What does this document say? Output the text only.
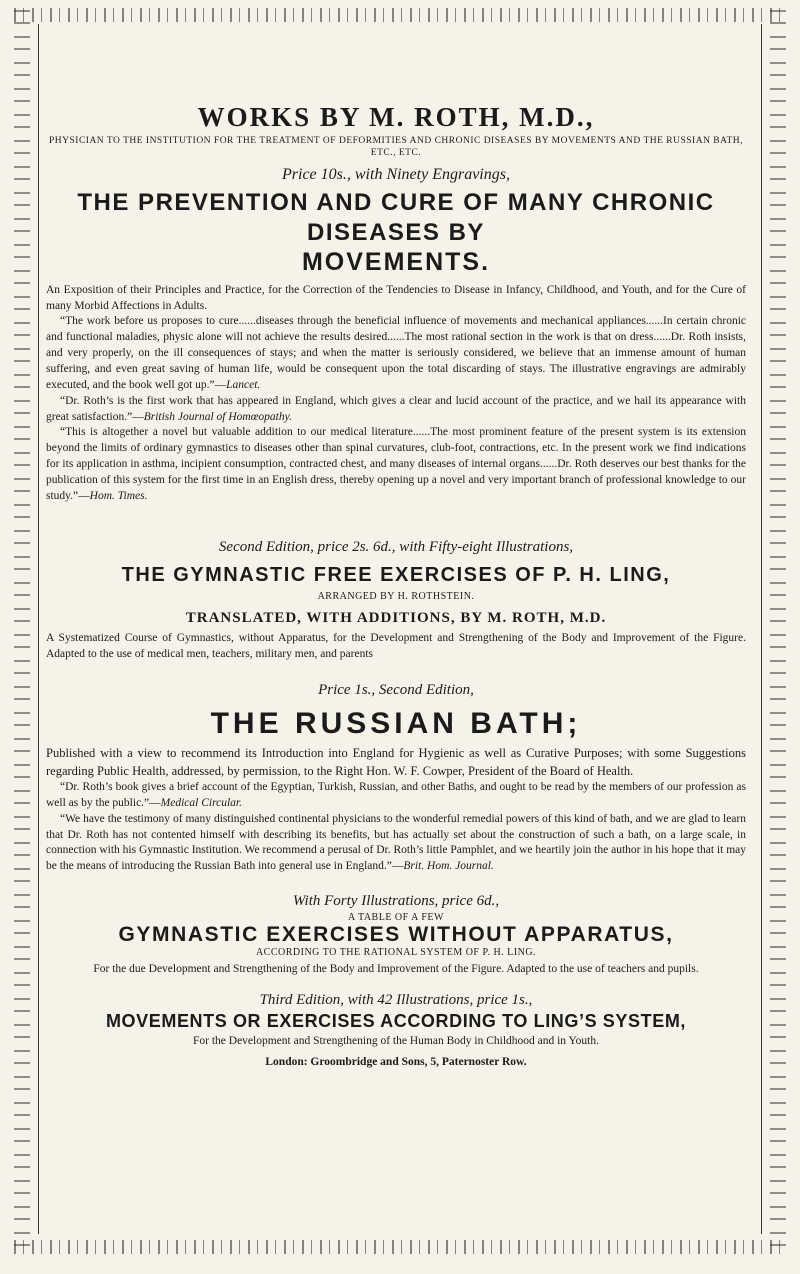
WORKS BY M. ROTH, M.D.,
PHYSICIAN TO THE INSTITUTION FOR THE TREATMENT OF DEFORMITIES AND CHRONIC DISEASES BY MOVEMENTS AND THE RUSSIAN BATH, ETC., ETC.
Price 10s., with Ninety Engravings,
THE PREVENTION AND CURE OF MANY CHRONIC DISEASES BY
MOVEMENTS.

An Exposition of their Principles and Practice, for the Correction of the Tendencies to Disease in Infancy, Childhood, and Youth, and for the Cure of many Morbid Affections in Adults.

“The work before us proposes to cure......diseases through the beneficial influence of movements and mechanical appliances......In certain chronic and functional maladies, physic alone will not achieve the results desired......The most rational section in the work is that on dress......Dr. Roth insists, and very properly, on the ill consequences of stays; and when the matter is seriously considered, we believe that an immense amount of human suffering, and even great saving of human life, would be consequent upon the total discarding of stays. The illustrative engravings are admirably executed, and the book well got up.”—Lancet.

“Dr. Roth’s is the first work that has appeared in England, which gives a clear and lucid account of the practice, and we hail its appearance with great satisfaction.”—British Journal of Homœopathy.

“This is altogether a novel but valuable addition to our medical literature......The most prominent feature of the present system is its extension beyond the limits of ordinary gymnastics to diseases other than spinal curvatures, club-foot, contractions, etc. In the present work we find indications for its application in asthma, incipient consumption, contracted chest, and many diseases of internal organs......Dr. Roth deserves our best thanks for the publication of this system for the first time in an English dress, thereby opening up a novel and very important branch of professional knowledge to our study.”—Hom. Times.

Second Edition, price 2s. 6d., with Fifty-eight Illustrations,
THE GYMNASTIC FREE EXERCISES OF P. H. LING,
ARRANGED BY H. ROTHSTEIN.
TRANSLATED, WITH ADDITIONS, BY M. ROTH, M.D.

A Systematized Course of Gymnastics, without Apparatus, for the Development and Strengthening of the Body and Improvement of the Figure. Adapted to the use of medical men, teachers, military men, and parents

Price 1s., Second Edition,
THE RUSSIAN BATH;

Published with a view to recommend its Introduction into England for Hygienic as well as Curative Purposes; with some Suggestions regarding Public Health, addressed, by permission, to the Right Hon. W. F. Cowper, President of the Board of Health.

“Dr. Roth’s book gives a brief account of the Egyptian, Turkish, Russian, and other Baths, and ought to be read by the members of our profession as well as by the public.”—Medical Circular.

“We have the testimony of many distinguished continental physicians to the wonderful remedial powers of this kind of bath, and we are glad to learn that Dr. Roth has not contented himself with describing its benefits, but has actually set about the construction of such a bath, on a large scale, in connection with his Gymnastic Institution. We recommend a perusal of Dr. Roth’s little Pamphlet, and we heartily join the author in his hope that it may be the means of introducing the Russian Bath into general use in England.”—Brit. Hom. Journal.

With Forty Illustrations, price 6d.,
A TABLE OF A FEW
GYMNASTIC EXERCISES WITHOUT APPARATUS,
ACCORDING TO THE RATIONAL SYSTEM OF P. H. LING.

For the due Development and Strengthening of the Body and Improvement of the Figure. Adapted to the use of teachers and pupils.

Third Edition, with 42 Illustrations, price 1s.,
MOVEMENTS OR EXERCISES ACCORDING TO LING’S SYSTEM,

For the Development and Strengthening of the Human Body in Childhood and in Youth.

London: Groombridge and Sons, 5, Paternoster Row.
